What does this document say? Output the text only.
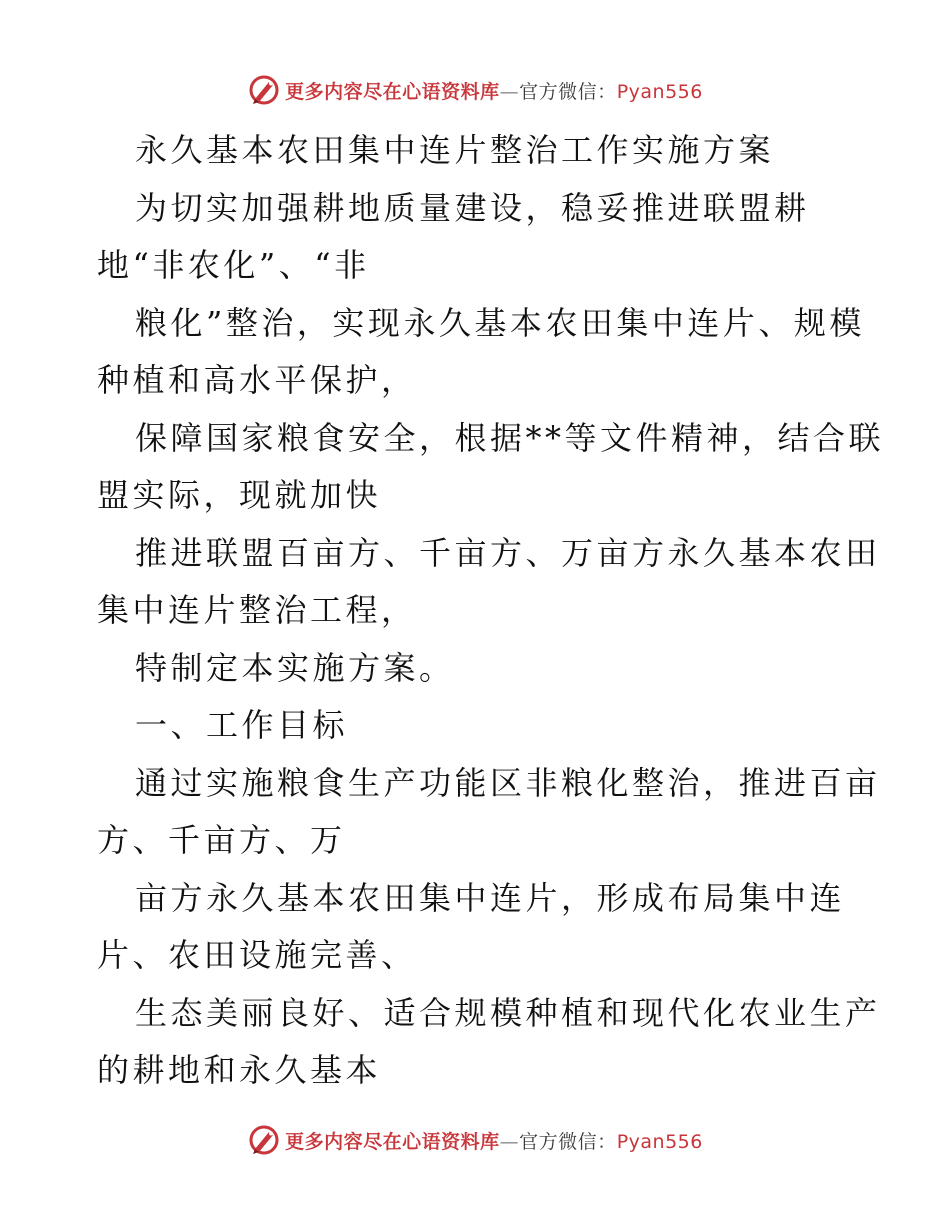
更多内容尽在心语资料库—官方微信：Pyan556
永久基本农田集中连片整治工作实施方案
为切实加强耕地质量建设，稳妥推进联盟耕
地“非农化”、“非
粮化”整治，实现永久基本农田集中连片、规模
种植和高水平保护，
保障国家粮食安全，根据**等文件精神，结合联
盟实际，现就加快
推进联盟百亩方、千亩方、万亩方永久基本农田
集中连片整治工程，
特制定本实施方案。
一、工作目标
通过实施粮食生产功能区非粮化整治，推进百亩
方、千亩方、万
亩方永久基本农田集中连片，形成布局集中连
片、农田设施完善、
生态美丽良好、适合规模种植和现代化农业生产
的耕地和永久基本
更多内容尽在心语资料库—官方微信：Pyan556
